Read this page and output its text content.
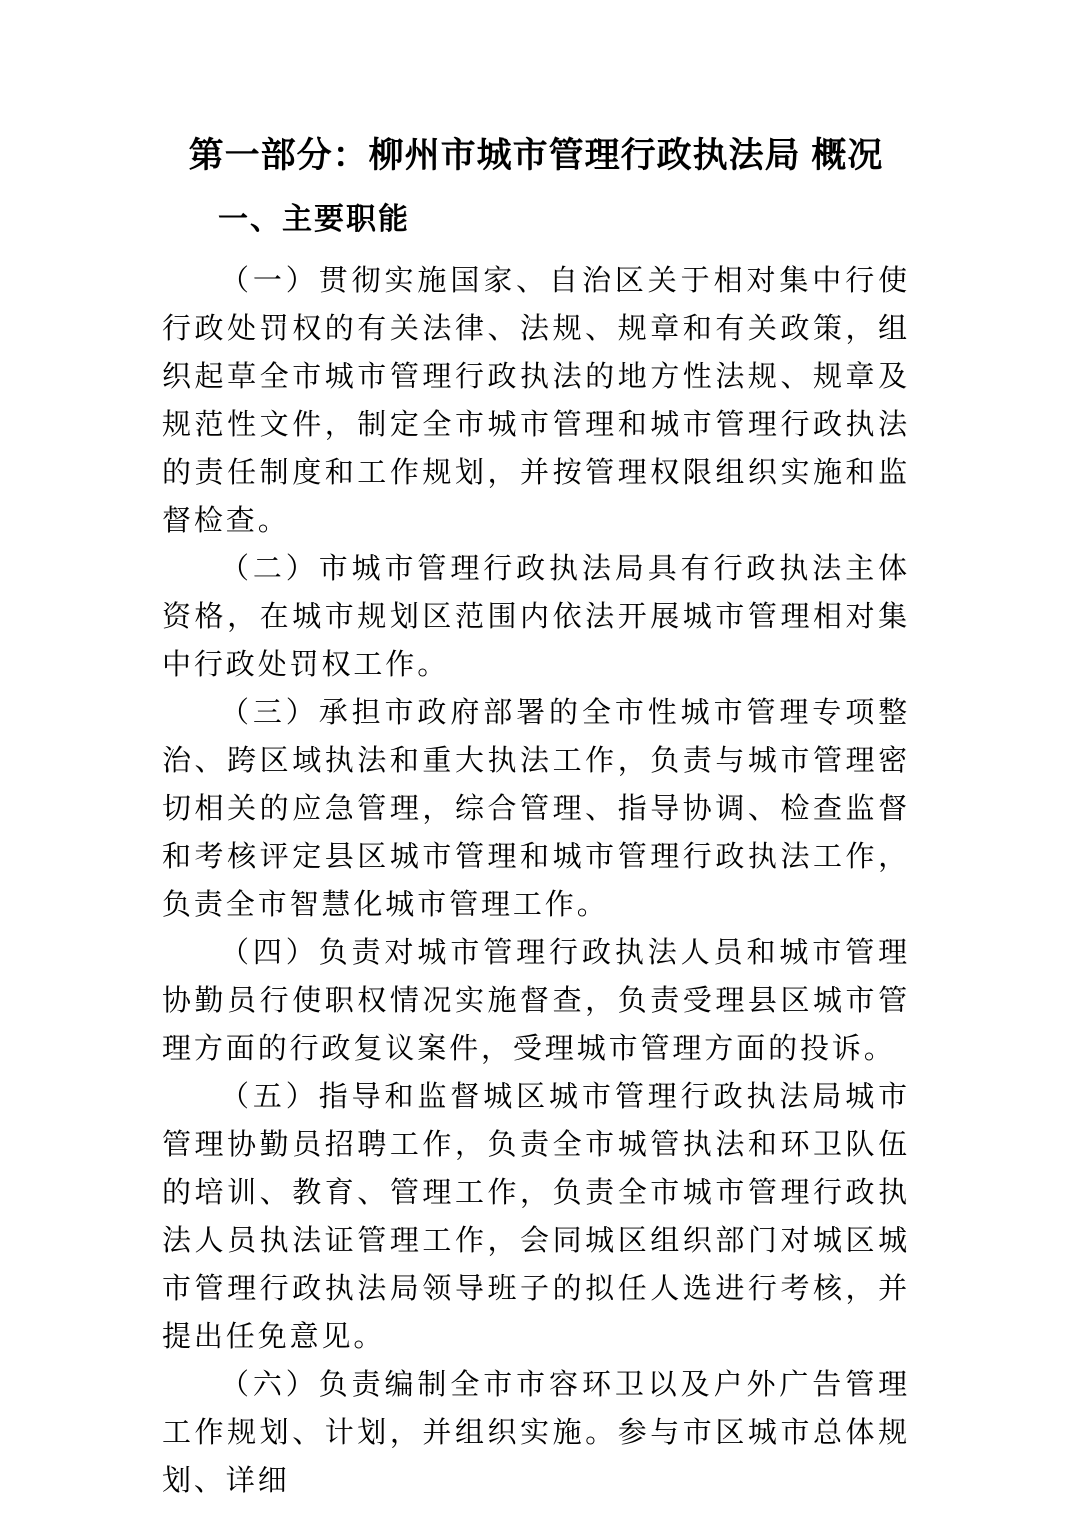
第一部分：柳州市城市管理行政执法局 概况
一、主要职能

（一）贯彻实施国家、自治区关于相对集中行使行政处罚权的有关法律、法规、规章和有关政策，组织起草全市城市管理行政执法的地方性法规、规章及规范性文件，制定全市城市管理和城市管理行政执法的责任制度和工作规划，并按管理权限组织实施和监督检查。

（二）市城市管理行政执法局具有行政执法主体资格，在城市规划区范围内依法开展城市管理相对集中行政处罚权工作。

（三）承担市政府部署的全市性城市管理专项整治、跨区域执法和重大执法工作，负责与城市管理密切相关的应急管理，综合管理、指导协调、检查监督和考核评定县区城市管理和城市管理行政执法工作，负责全市智慧化城市管理工作。

（四）负责对城市管理行政执法人员和城市管理协勤员行使职权情况实施督查，负责受理县区城市管理方面的行政复议案件，受理城市管理方面的投诉。

（五）指导和监督城区城市管理行政执法局城市管理协勤员招聘工作，负责全市城管执法和环卫队伍的培训、教育、管理工作，负责全市城市管理行政执法人员执法证管理工作，会同城区组织部门对城区城市管理行政执法局领导班子的拟任人选进行考核，并提出任免意见。

（六）负责编制全市市容环卫以及户外广告管理工作规划、计划，并组织实施。参与市区城市总体规划、详细
